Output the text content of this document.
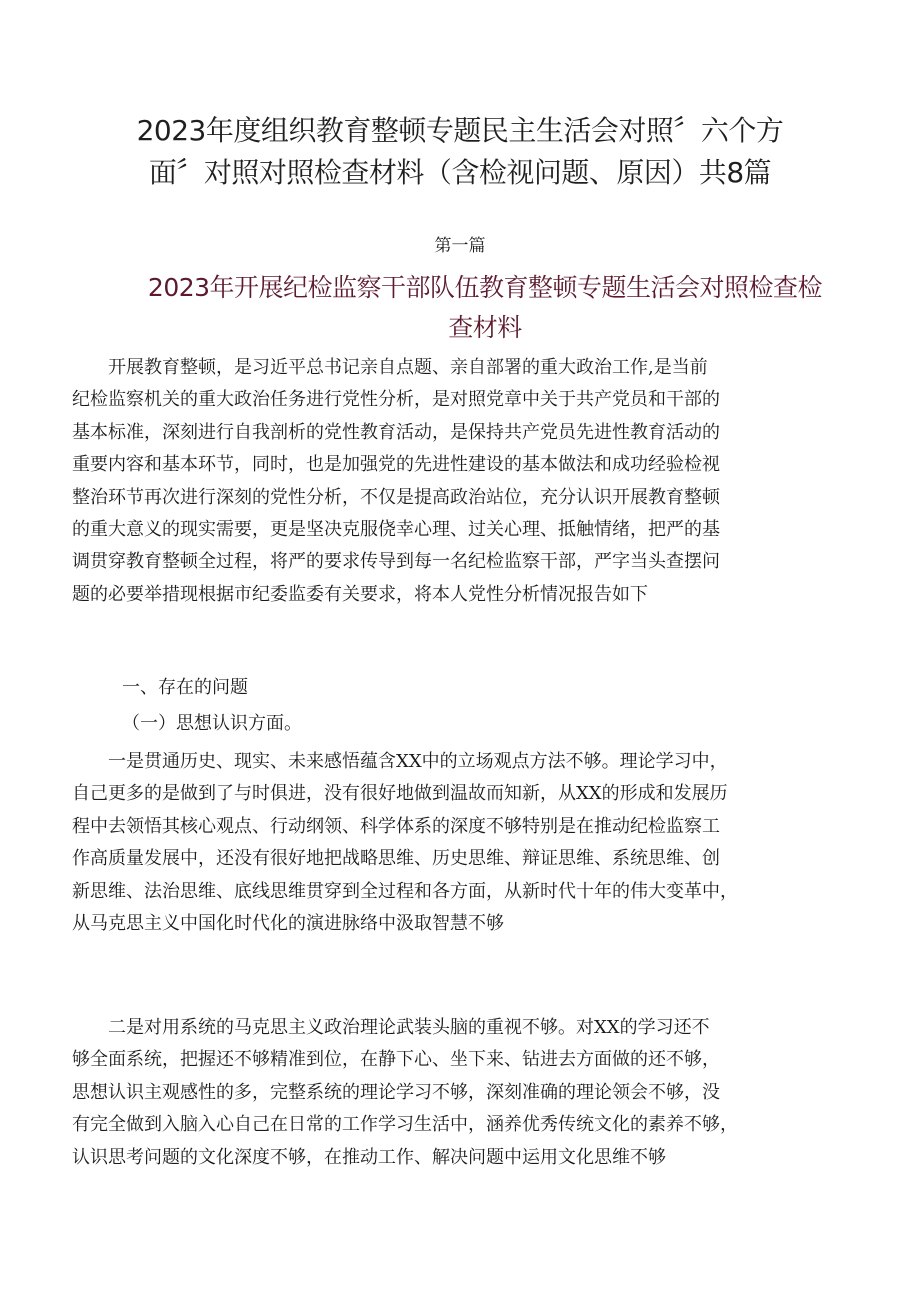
2023年度组织教育整顿专题民主生活会对照〞六个方
面〞对照对照检查材料（含检视问题、原因）共8篇
第一篇
2023年开展纪检监察干部队伍教育整顿专题生活会对照检查检
查材料
　　开展教育整顿，是习近平总书记亲自点题、亲自部署的重大政治工作,是当前
纪检监察机关的重大政治任务进行党性分析，是对照党章中关于共产党员和干部的
基本标准，深刻进行自我剖析的党性教育活动，是保持共产党员先进性教育活动的
重要内容和基本环节，同时，也是加强党的先进性建设的基本做法和成功经验检视
整治环节再次进行深刻的党性分析，不仅是提高政治站位，充分认识开展教育整顿
的重大意义的现实需要，更是坚决克服侥幸心理、过关心理、抵触情绪，把严的基
调贯穿教育整顿全过程，将严的要求传导到每一名纪检监察干部，严字当头查摆问
题的必要举措现根据市纪委监委有关要求，将本人党性分析情况报告如下
一、存在的问题
（一）思想认识方面。
　　一是贯通历史、现实、未来感悟蕴含XX中的立场观点方法不够。理论学习中，
自己更多的是做到了与时俱进，没有很好地做到温故而知新，从XX的形成和发展历
程中去领悟其核心观点、行动纲领、科学体系的深度不够特别是在推动纪检监察工
作高质量发展中，还没有很好地把战略思维、历史思维、辩证思维、系统思维、创
新思维、法治思维、底线思维贯穿到全过程和各方面，从新时代十年的伟大变革中，
从马克思主义中国化时代化的演进脉络中汲取智慧不够
　　二是对用系统的马克思主义政治理论武装头脑的重视不够。对XX的学习还不
够全面系统，把握还不够精准到位，在静下心、坐下来、钻进去方面做的还不够，
思想认识主观感性的多，完整系统的理论学习不够，深刻准确的理论领会不够，没
有完全做到入脑入心自己在日常的工作学习生活中，涵养优秀传统文化的素养不够，
认识思考问题的文化深度不够，在推动工作、解决问题中运用文化思维不够
